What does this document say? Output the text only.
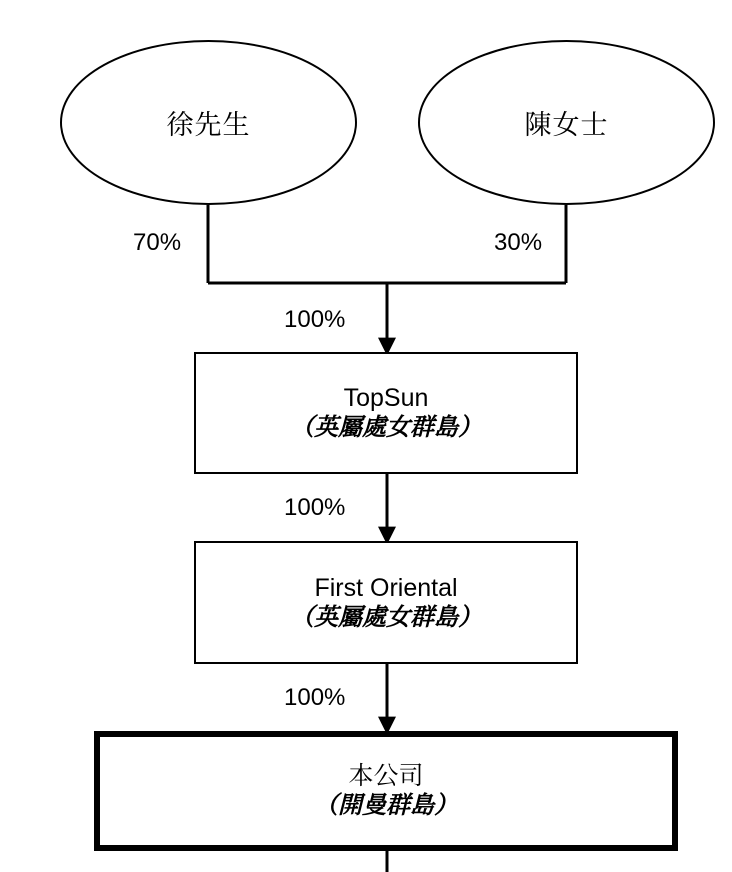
徐先生	陳女士
TopSun
（英屬處女群島）
First Oriental
（英屬處女群島）
本公司
（開曼群島）
70%	30%
100%
100%
100%
